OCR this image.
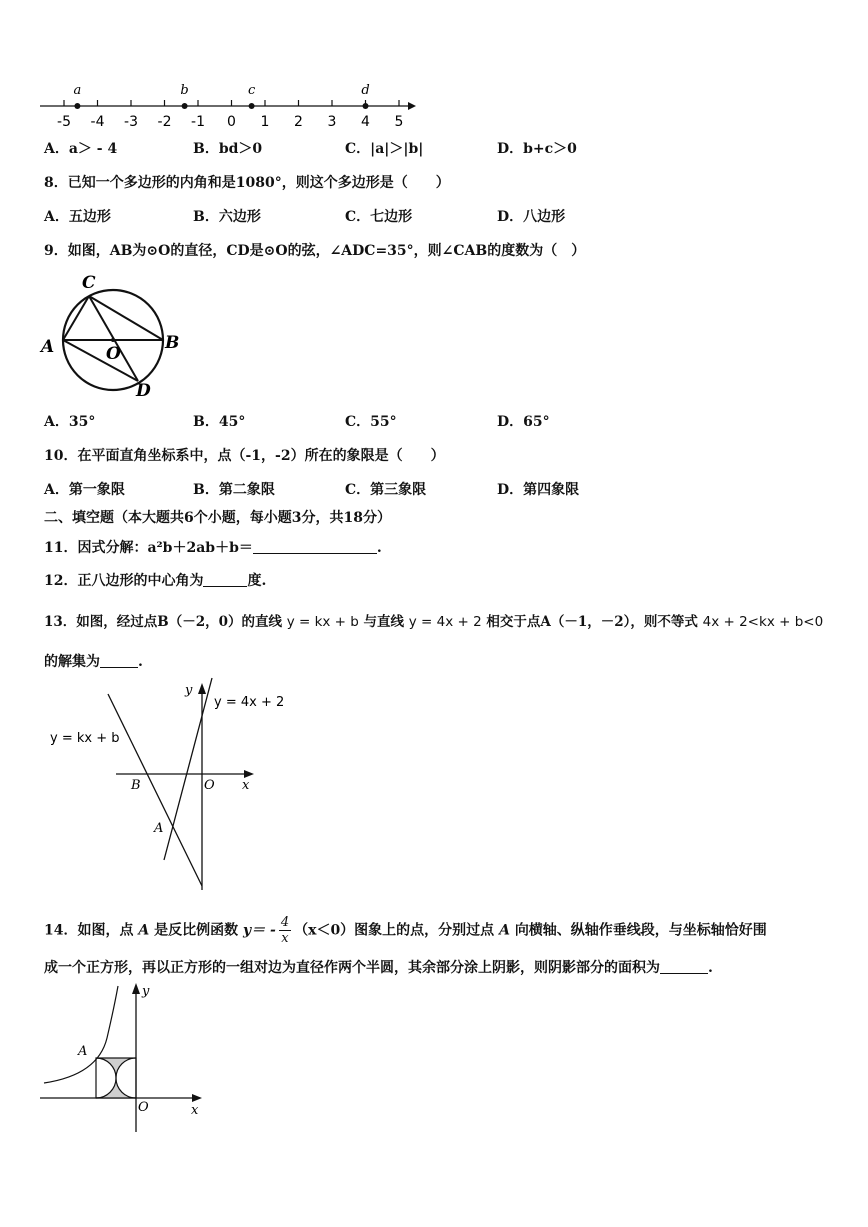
-5 -4 -3 -2 -1 0 1 2 3 4 5
a	b	c	d
A．a＞ - 4	B．bd＞0	C．|a|＞|b|	D．b+c＞0
8．已知一个多边形的内角和是1080°，则这个多边形是（　　）
A．五边形	B．六边形	C．七边形	D．八边形
9．如图，AB为⊙O的直径，CD是⊙O的弦，∠ADC=35°，则∠CAB的度数为（　）
C
A	B
O
D
A．35°	B．45°	C．55°	D．65°
10．在平面直角坐标系中，点（-1，-2）所在的象限是（　　）
A．第一象限	B．第二象限	C．第三象限	D．第四象限
二、填空题（本大题共6个小题，每小题3分，共18分）
11．因式分解：a²b＋2ab＋b＝	.
12．正八边形的中心角为	度.
13．如图，经过点B（－2，0）的直线 y = kx + b 与直线 y = 4x + 2 相交于点A（－1，－2），则不等式 4x + 2<kx + b<0
的解集为	.
y
x
O
B
A
y = 4x + 2
y = kx + b
14．如图，点 A 是反比例函数 $y= - \frac{4}{x} (x<0)$图象上的点，分别过点 A 向横轴、纵轴作垂线段，与坐标轴恰好围
成一个正方形，再以正方形的一组对边为直径作两个半圆，其余部分涂上阴影，则阴影部分的面积为	.
y
x
O
A
